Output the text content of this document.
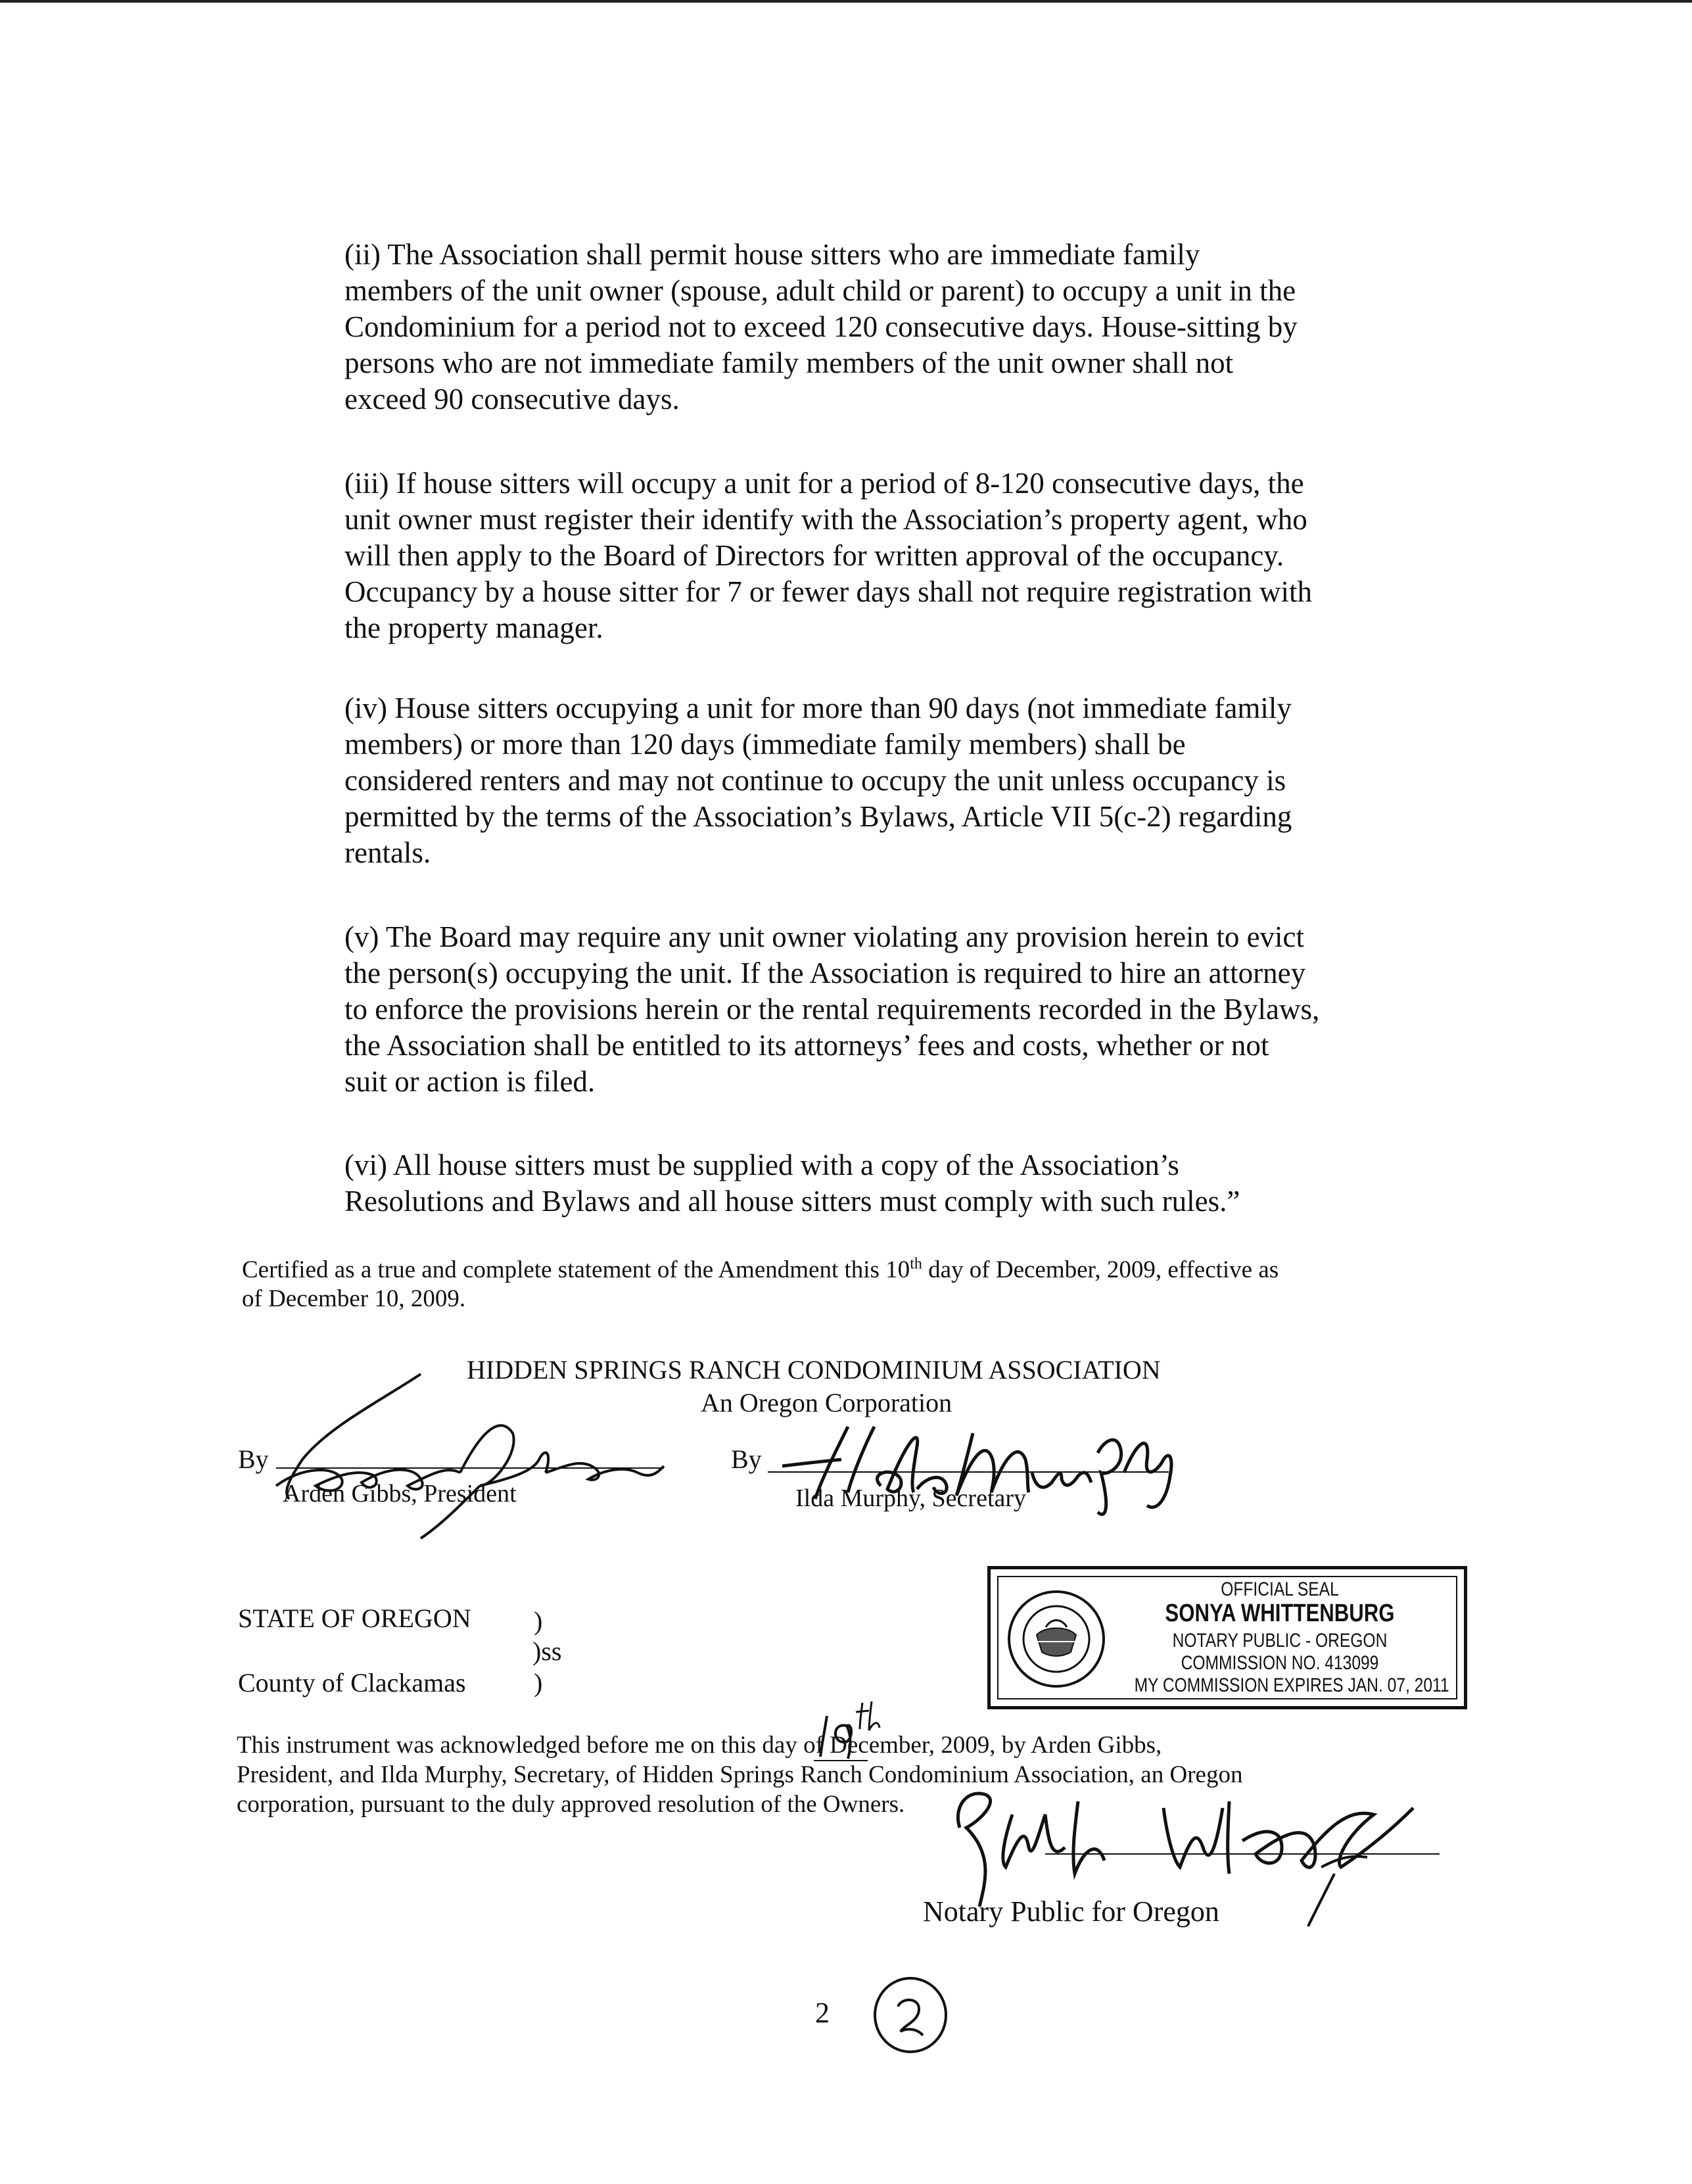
(ii) The Association shall permit house sitters who are immediate family
members of the unit owner (spouse, adult child or parent) to occupy a unit in the
Condominium for a period not to exceed 120 consecutive days. House-sitting by
persons who are not immediate family members of the unit owner shall not
exceed 90 consecutive days.
(iii) If house sitters will occupy a unit for a period of 8-120 consecutive days, the
unit owner must register their identify with the Association’s property agent, who
will then apply to the Board of Directors for written approval of the occupancy.
Occupancy by a house sitter for 7 or fewer days shall not require registration with
the property manager.
(iv) House sitters occupying a unit for more than 90 days (not immediate family
members) or more than 120 days (immediate family members) shall be
considered renters and may not continue to occupy the unit unless occupancy is
permitted by the terms of the Association’s Bylaws, Article VII 5(c-2) regarding
rentals.
(v) The Board may require any unit owner violating any provision herein to evict
the person(s) occupying the unit. If the Association is required to hire an attorney
to enforce the provisions herein or the rental requirements recorded in the Bylaws,
the Association shall be entitled to its attorneys’ fees and costs, whether or not
suit or action is filed.
(vi) All house sitters must be supplied with a copy of the Association’s
Resolutions and Bylaws and all house sitters must comply with such rules.”
Certified as a true and complete statement of the Amendment this 10th day of December, 2009, effective as
of December 10, 2009.
HIDDEN SPRINGS RANCH CONDOMINIUM ASSOCIATION
An Oregon Corporation
By	By
Arden Gibbs, President	Ilda Murphy, Secretary
STATE OF OREGON )
)ss
County of Clackamas	)
OFFICIAL SEAL
SONYA WHITTENBURG
NOTARY PUBLIC - OREGON
COMMISSION NO. 413099
MY COMMISSION EXPIRES JAN. 07, 2011
This instrument was acknowledged before me on this day of December, 2009, by Arden Gibbs,
President, and Ilda Murphy, Secretary, of Hidden Springs Ranch Condominium Association, an Oregon
corporation, pursuant to the duly approved resolution of the Owners.
Notary Public for Oregon
2
